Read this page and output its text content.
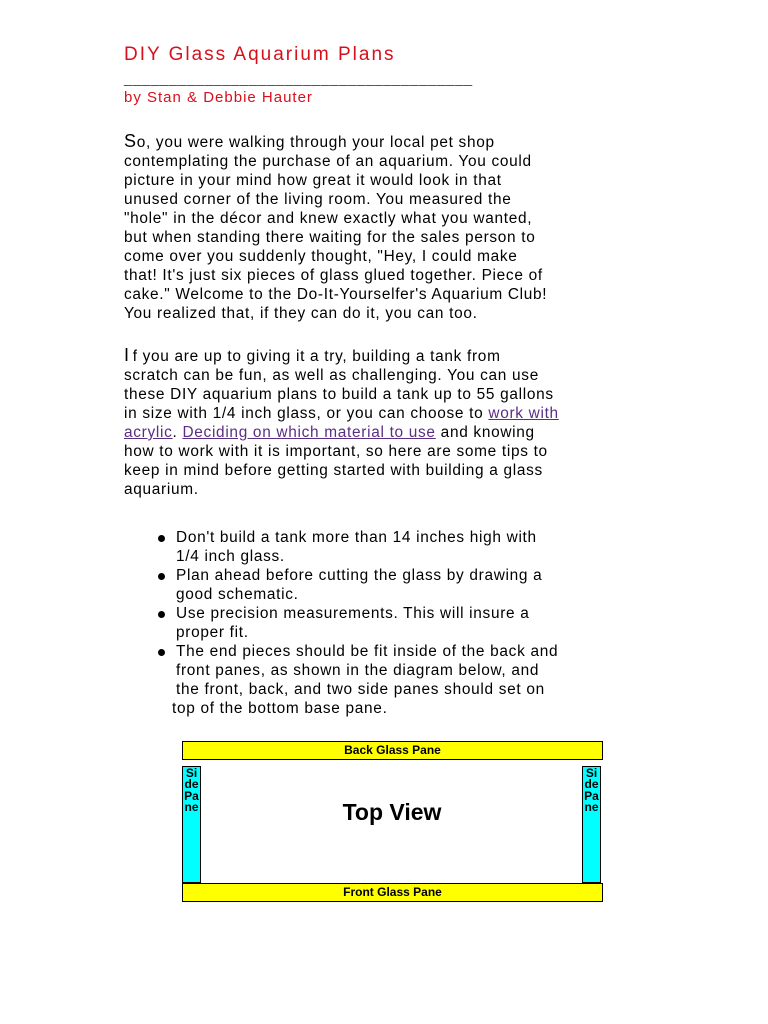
DIY Glass Aquarium Plans
_______________________________________
by Stan & Debbie Hauter

So, you were walking through your local pet shop
contemplating the purchase of an aquarium. You could
picture in your mind how great it would look in that
unused corner of the living room. You measured the
"hole" in the décor and knew exactly what you wanted,
but when standing there waiting for the sales person to
come over you suddenly thought, "Hey, I could make
that! It's just six pieces of glass glued together. Piece of
cake." Welcome to the Do-It-Yourselfer's Aquarium Club!
You realized that, if they can do it, you can too.

I f you are up to giving it a try, building a tank from
scratch can be fun, as well as challenging. You can use
these DIY aquarium plans to build a tank up to 55 gallons
in size with 1/4 inch glass, or you can choose to work with
acrylic. Deciding on which material to use and knowing
how to work with it is important, so here are some tips to
keep in mind before getting started with building a glass
aquarium.

Don't build a tank more than 14 inches high with
1/4 inch glass.
Plan ahead before cutting the glass by drawing a
good schematic.
Use precision measurements. This will insure a
proper fit.
The end pieces should be fit inside of the back and
front panes, as shown in the diagram below, and
the front, back, and two side panes should set on
top of the bottom base pane.
Back Glass Pane
Side Pane	Top View
Side Pane
Front Glass Pane
